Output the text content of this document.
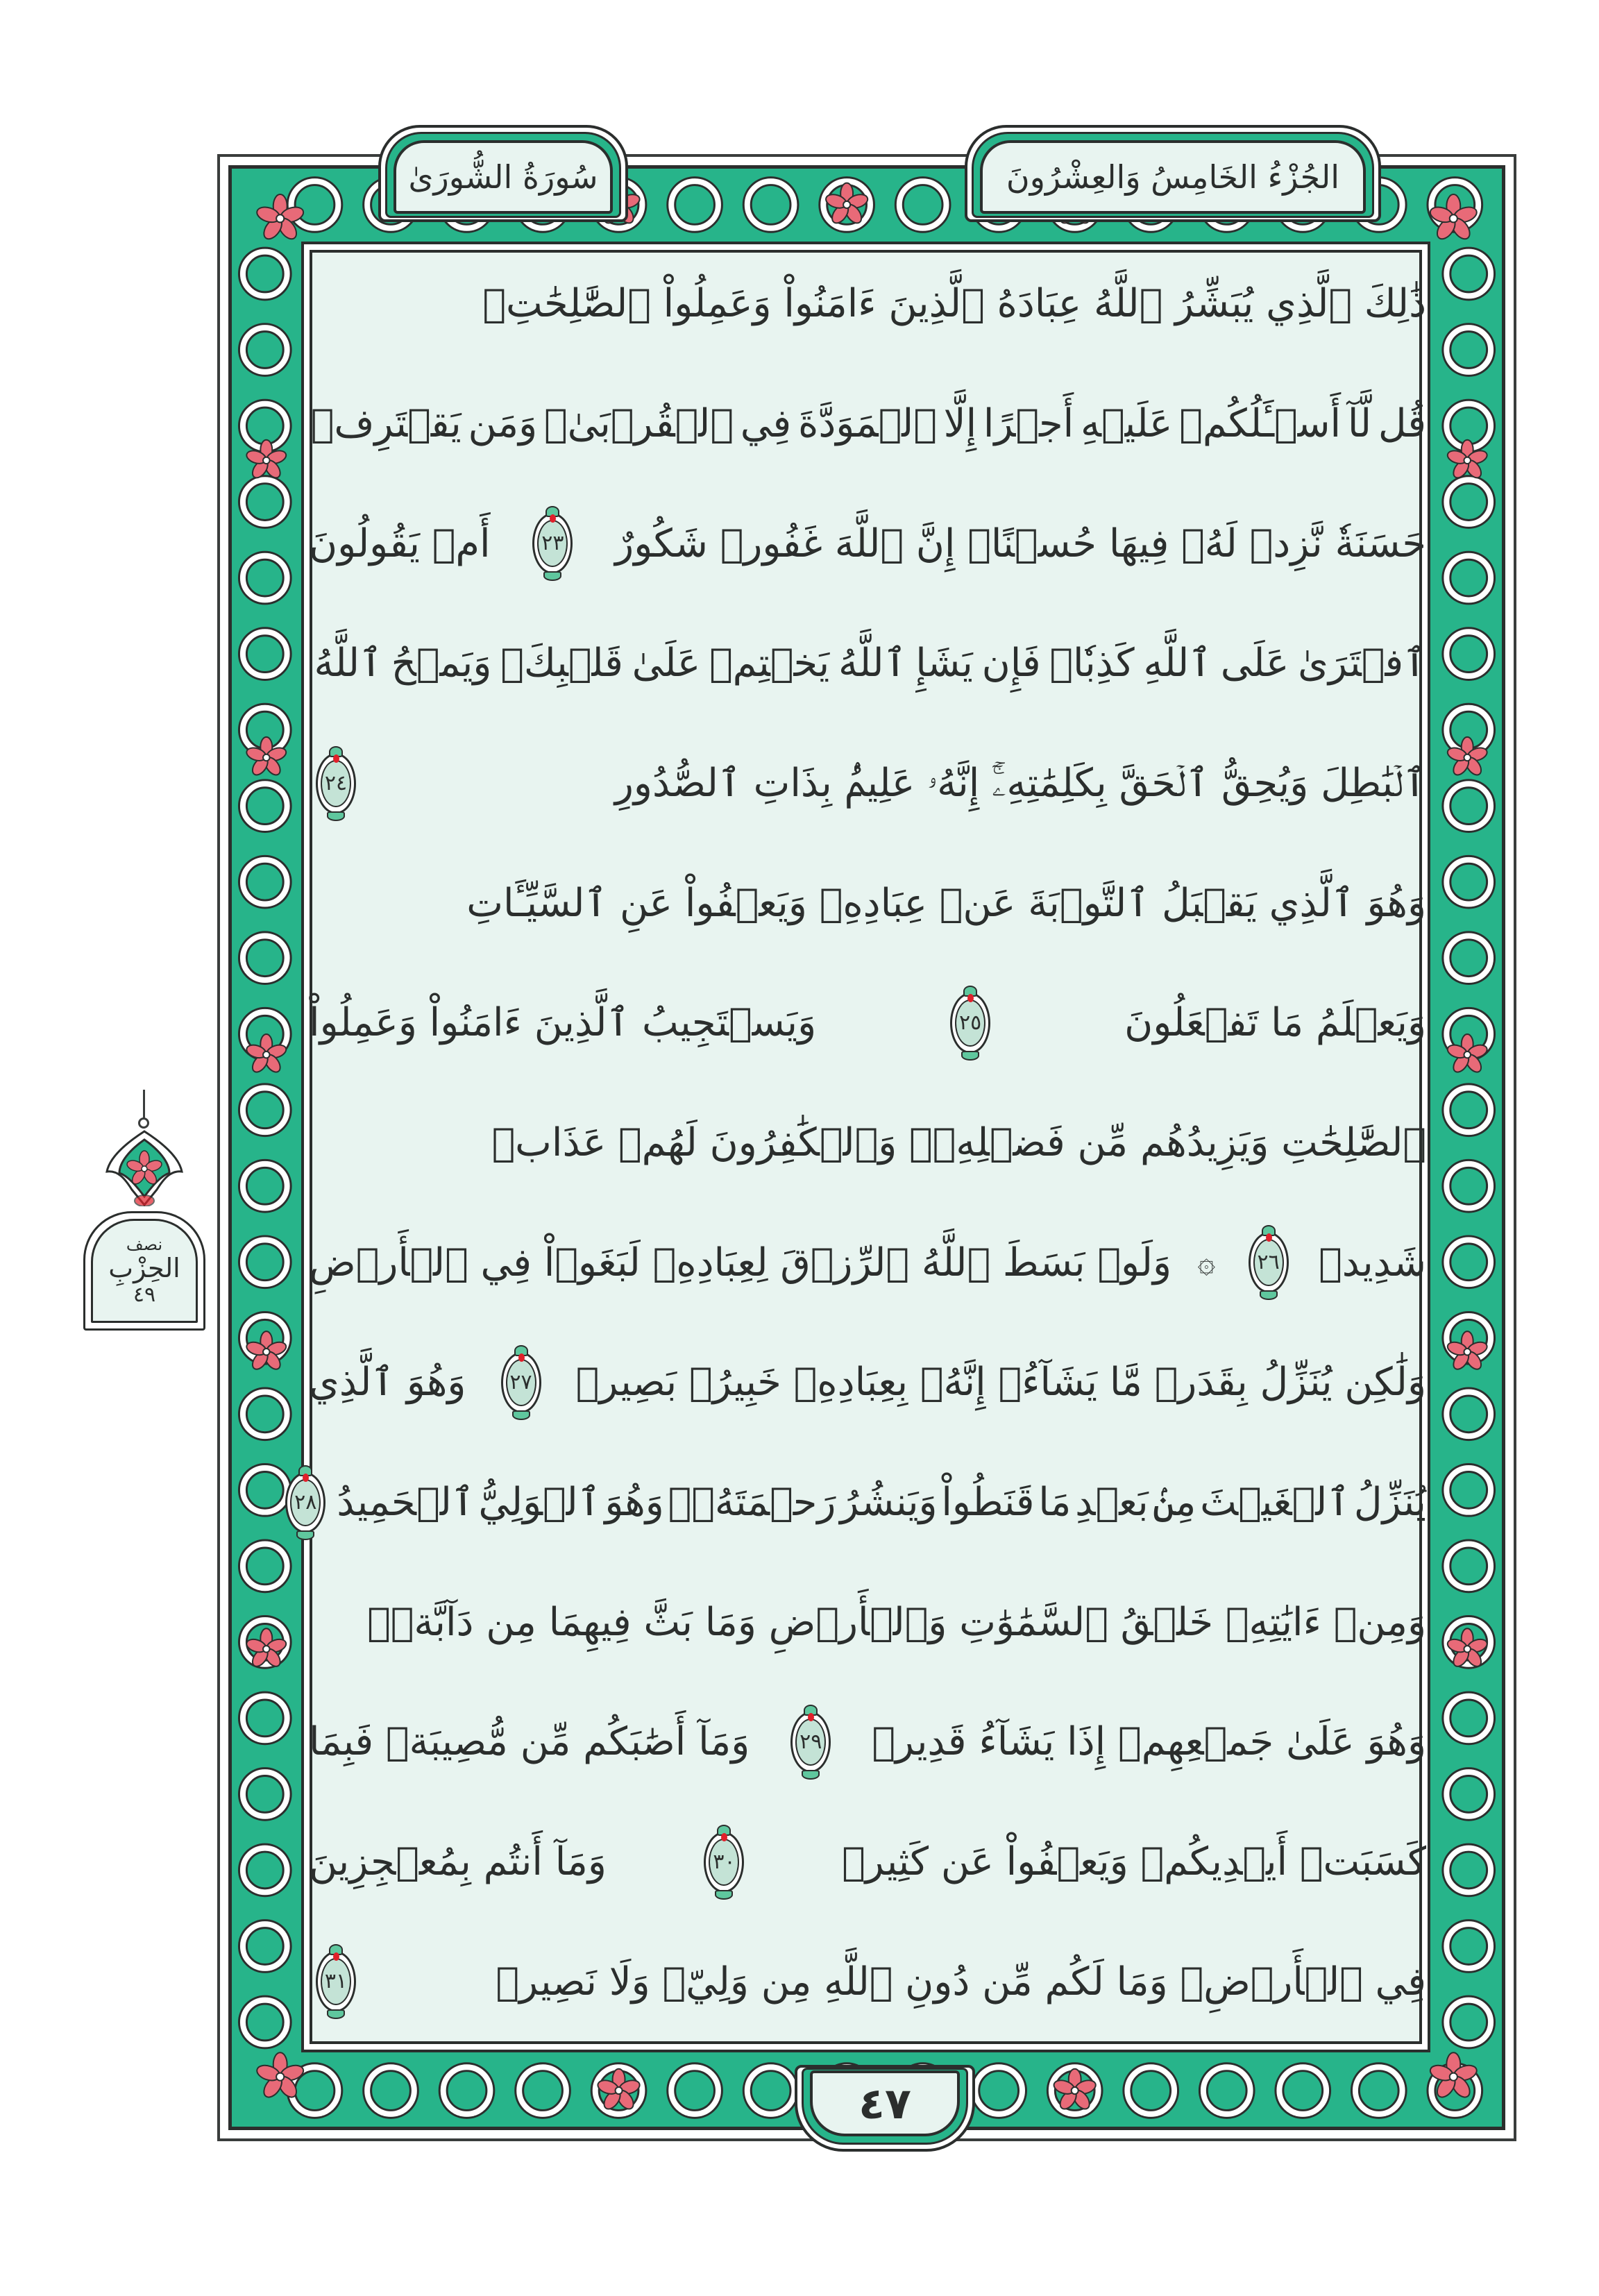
سُورَةُ الشُّورَىٰ	الجُزْءُ الخَامِسُ وَالعِشْرُونَ
ذَٰلِكَ ٱلَّذِي يُبَشِّرُ ٱللَّهُ عِبَادَهُ ٱلَّذِينَ ءَامَنُواْ وَعَمِلُواْ ٱلصَّٰلِحَٰتِۗ
قُل لَّآ أَسۡـَٔلُكُمۡ عَلَيۡهِ أَجۡرًا إِلَّا ٱلۡمَوَدَّةَ فِي ٱلۡقُرۡبَىٰۗ وَمَن يَقۡتَرِفۡ
حَسَنَةٗ نَّزِدۡ لَهُۥ فِيهَا حُسۡنًاۚ إِنَّ ٱللَّهَ غَفُورٞ شَكُورٌ
٢٣
أَمۡ يَقُولُونَ
ٱفۡتَرَىٰ عَلَى ٱللَّهِ كَذِبٗاۖ فَإِن يَشَإِ ٱللَّهُ يَخۡتِمۡ عَلَىٰ قَلۡبِكَۗ وَيَمۡحُ ٱللَّهُ
ٱلۡبَٰطِلَ وَيُحِقُّ ٱلۡحَقَّ بِكَلِمَٰتِهِۦٓۚ إِنَّهُۥ عَلِيمُۢ بِذَاتِ ٱلصُّدُورِ
٢٤
وَهُوَ ٱلَّذِي يَقۡبَلُ ٱلتَّوۡبَةَ عَنۡ عِبَادِهِۦ وَيَعۡفُواْ عَنِ ٱلسَّيِّـَٔاتِ
وَيَعۡلَمُ مَا تَفۡعَلُونَ
٢٥
وَيَسۡتَجِيبُ ٱلَّذِينَ ءَامَنُواْ وَعَمِلُواْ
ٱلصَّٰلِحَٰتِ وَيَزِيدُهُم مِّن فَضۡلِهِۦۚ وَٱلۡكَٰفِرُونَ لَهُمۡ عَذَابٞ
شَدِيدٞ
٢٦
۞
وَلَوۡ بَسَطَ ٱللَّهُ ٱلرِّزۡقَ لِعِبَادِهِۦ لَبَغَوۡاْ فِي ٱلۡأَرۡضِ
وَلَٰكِن يُنَزِّلُ بِقَدَرٖ مَّا يَشَآءُۚ إِنَّهُۥ بِعِبَادِهِۦ خَبِيرُۢ بَصِيرٞ
٢٧
وَهُوَ ٱلَّذِي
يُنَزِّلُ ٱلۡغَيۡثَ مِنۢ بَعۡدِ مَا قَنَطُواْ وَيَنشُرُ رَحۡمَتَهُۥۚ وَهُوَ ٱلۡوَلِيُّ ٱلۡحَمِيدُ
٢٨
وَمِنۡ ءَايَٰتِهِۦ خَلۡقُ ٱلسَّمَٰوَٰتِ وَٱلۡأَرۡضِ وَمَا بَثَّ فِيهِمَا مِن دَآبَّةٖۚ
وَهُوَ عَلَىٰ جَمۡعِهِمۡ إِذَا يَشَآءُ قَدِيرٞ
٢٩
وَمَآ أَصَٰبَكُم مِّن مُّصِيبَةٖ فَبِمَا
كَسَبَتۡ أَيۡدِيكُمۡ وَيَعۡفُواْ عَن كَثِيرٖ
٣٠
وَمَآ أَنتُم بِمُعۡجِزِينَ
فِي ٱلۡأَرۡضِۖ وَمَا لَكُم مِّن دُونِ ٱللَّهِ مِن وَلِيّٖ وَلَا نَصِيرٖ
٣١
٤٧
نصف
الحِزْبِ
٤٩
